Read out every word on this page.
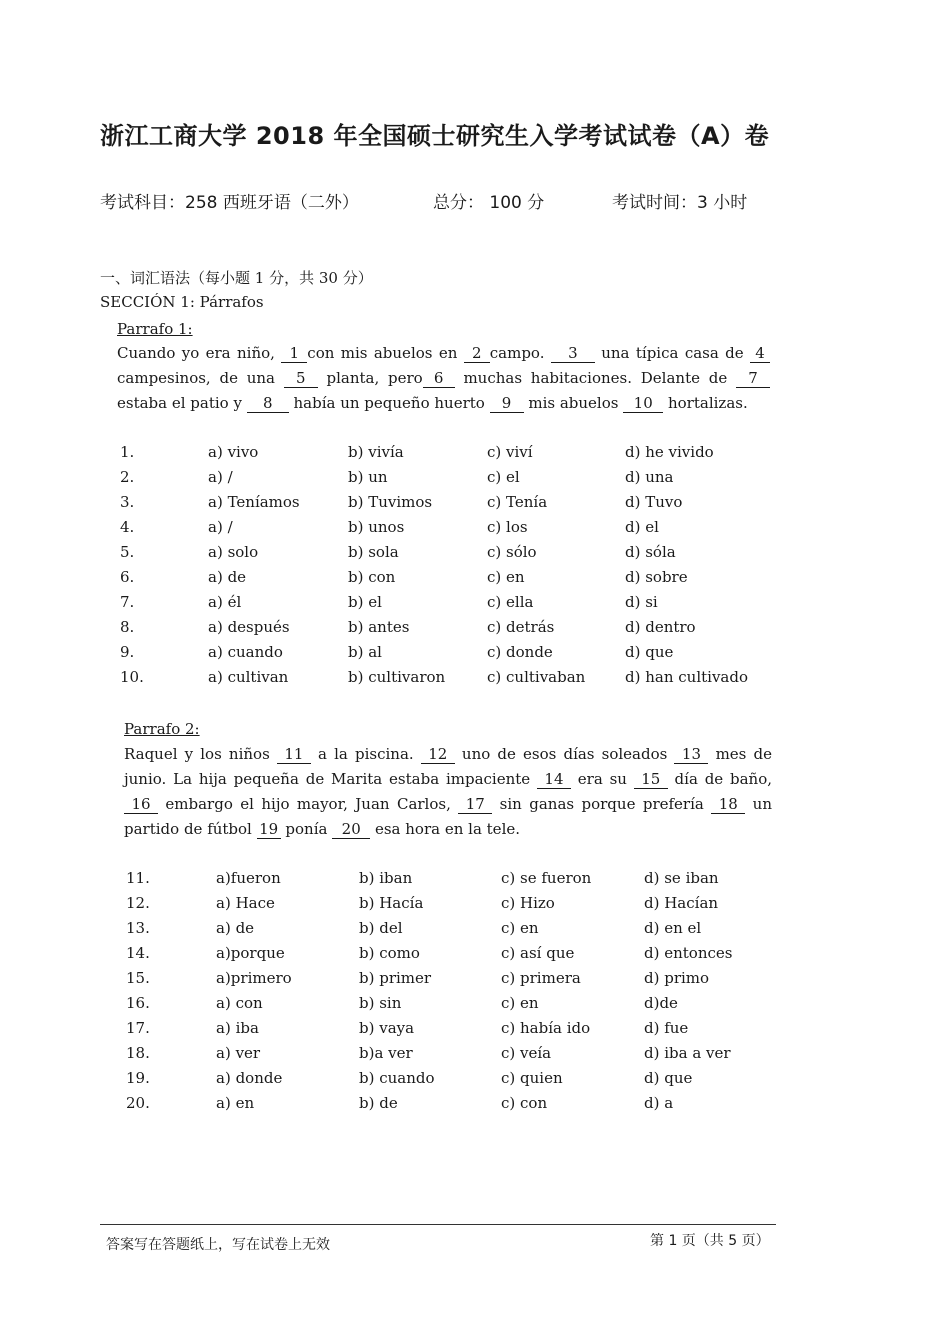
浙江工商大学 2018 年全国硕士研究生入学考试试卷（A）卷
考试科目：258 西班牙语（二外）	总分： 100 分	考试时间：3 小时
一、词汇语法（每小题 1 分，共 30 分）
SECCIÓN 1: Párrafos
Parrafo 1:
Cuando yo era niño, 1 con mis abuelos en 2 campo. 3 una típica casa de 4 campesinos, de una 5 planta, pero 6 muchas habitaciones. Delante de 7estaba el patio y 8 había un pequeño huerto 9 mis abuelos 10 hortalizas.
1.	a) vivo	b) vivía	c) viví	d) he vivido
2.	a) /	b) un	c) el	d) una
3.	a) Teníamos	b) Tuvimos	c) Tenía	d) Tuvo
4.	a) /	b) unos	c) los	d) el
5.	a) solo	b) sola	c) sólo	d) sóla
6.	a) de	b) con	c) en	d) sobre
7.	a) él	b) el	c) ella	d) si
8.	a) después	b) antes	c) detrás	d) dentro
9.	a) cuando	b) al	c) donde	d) que
10.	a) cultivan	b) cultivaron	c) cultivaban	d) han cultivado
Parrafo 2:
Raquel y los niños 11 a la piscina. 12 uno de esos días soleados 13 mes de junio. La hija pequeña de Marita estaba impaciente 14 era su 15 día de baño, 16 embargo el hijo mayor, Juan Carlos, 17 sin ganas porque prefería 18 un partido de fútbol 19 ponía 20 esa hora en la tele.
11.	a)fueron	b) iban	c) se fueron	d) se iban
12.	a) Hace	b) Hacía	c) Hizo	d) Hacían
13.	a) de	b) del	c) en	d) en el
14.	a)porque	b) como	c) así que	d) entonces
15.	a)primero	b) primer	c) primera	d) primo
16.	a) con	b) sin	c) en	d)de
17.	a) iba	b) vaya	c) había ido	d) fue
18.	a) ver	b)a ver	c) veía	d) iba a ver
19.	a) donde	b) cuando	c) quien	d) que
20.	a) en	b) de	c) con	d) a
答案写在答题纸上，写在试卷上无效	第 1 页（共 5 页）
